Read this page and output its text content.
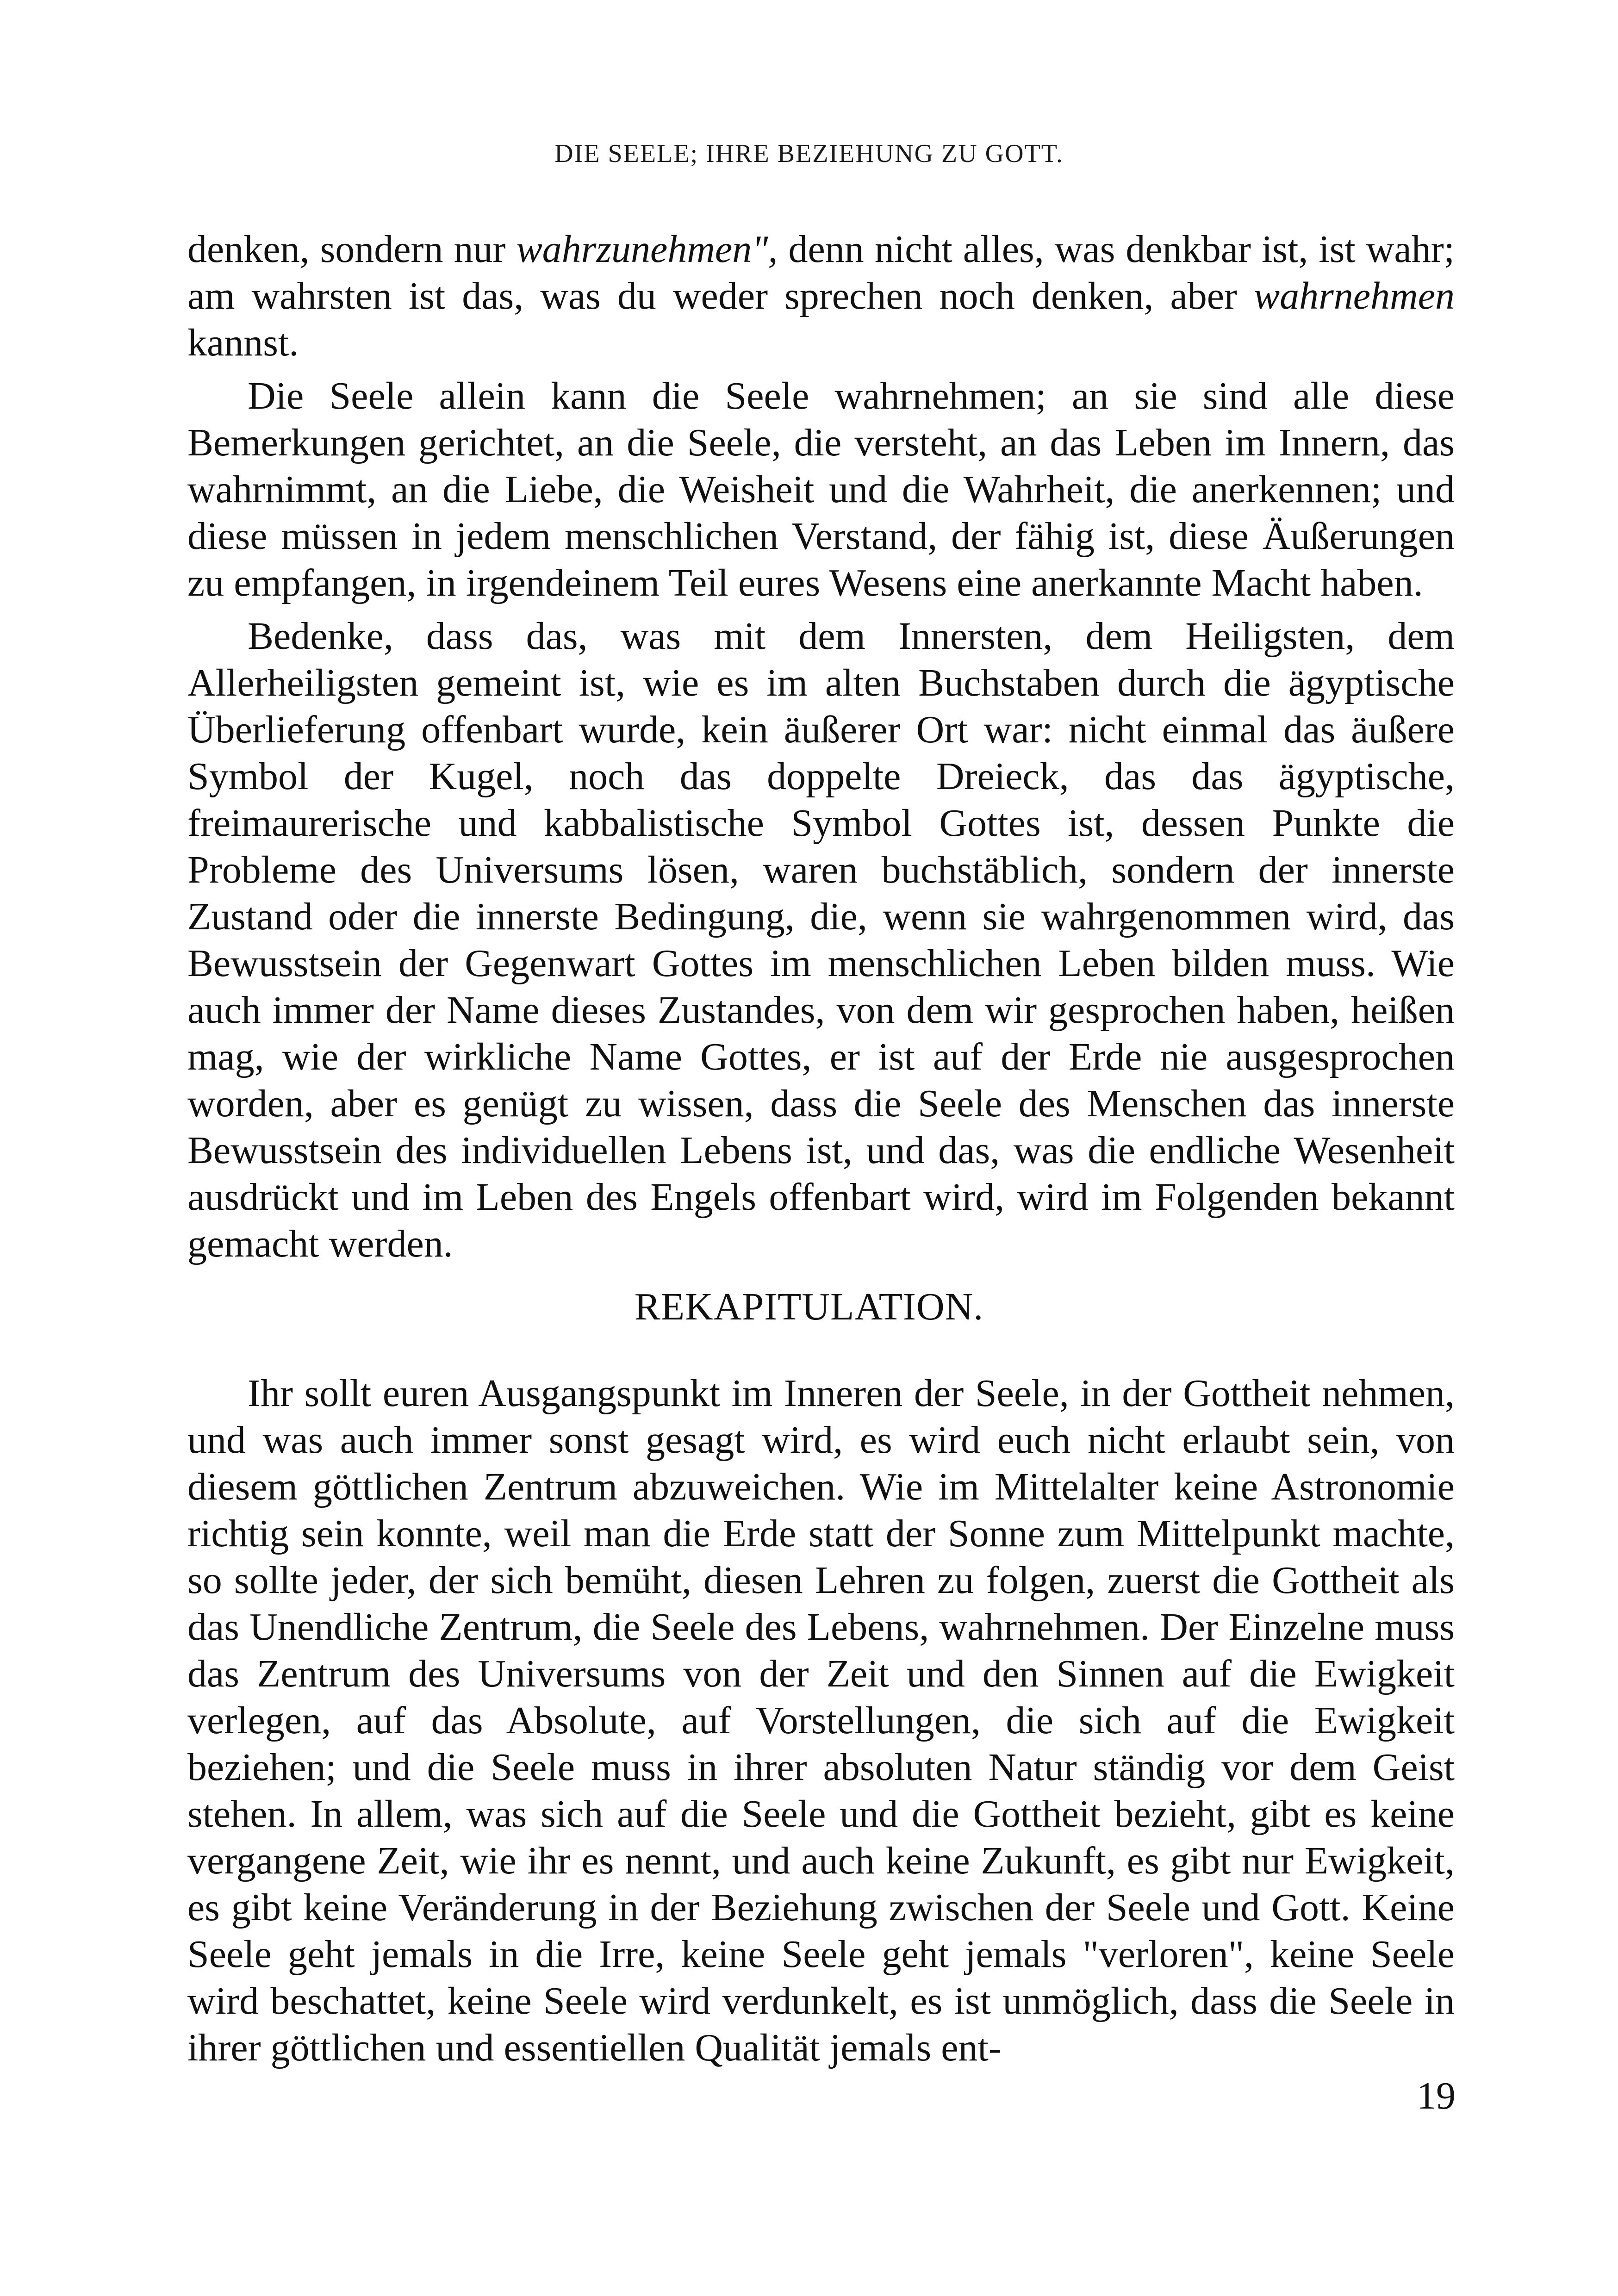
DIE SEELE; IHRE BEZIEHUNG ZU GOTT.

denken, sondern nur wahrzunehmen", denn nicht alles, was denkbar ist, ist wahr; am wahrsten ist das, was du weder sprechen noch denken, aber wahrnehmen kannst.

Die Seele allein kann die Seele wahrnehmen; an sie sind alle diese Bemerkungen gerichtet, an die Seele, die versteht, an das Leben im Innern, das wahrnimmt, an die Liebe, die Weisheit und die Wahrheit, die anerkennen; und diese müssen in jedem menschlichen Verstand, der fähig ist, diese Äußerungen zu empfangen, in irgendeinem Teil eures Wesens eine anerkannte Macht haben.

Bedenke, dass das, was mit dem Innersten, dem Heiligsten, dem Allerheiligsten gemeint ist, wie es im alten Buchstaben durch die ägyptische Überlieferung offenbart wurde, kein äußerer Ort war: nicht einmal das äußere Symbol der Kugel, noch das doppelte Dreieck, das das ägyptische, freimaurerische und kabbalistische Symbol Gottes ist, dessen Punkte die Probleme des Universums lösen, waren buchstäblich, sondern der innerste Zustand oder die innerste Bedingung, die, wenn sie wahrgenommen wird, das Bewusstsein der Gegenwart Gottes im menschlichen Leben bilden muss. Wie auch immer der Name dieses Zustandes, von dem wir gesprochen haben, heißen mag, wie der wirkliche Name Gottes, er ist auf der Erde nie ausgesprochen worden, aber es genügt zu wissen, dass die Seele des Menschen das innerste Bewusstsein des individuellen Lebens ist, und das, was die endliche Wesenheit ausdrückt und im Leben des Engels offenbart wird, wird im Folgenden bekannt gemacht werden.

REKAPITULATION.

Ihr sollt euren Ausgangspunkt im Inneren der Seele, in der Gottheit nehmen, und was auch immer sonst gesagt wird, es wird euch nicht erlaubt sein, von diesem göttlichen Zentrum abzuweichen. Wie im Mittelalter keine Astronomie richtig sein konnte, weil man die Erde statt der Sonne zum Mittelpunkt machte, so sollte jeder, der sich bemüht, diesen Lehren zu folgen, zuerst die Gottheit als das Unendliche Zentrum, die Seele des Lebens, wahrnehmen. Der Einzelne muss das Zentrum des Universums von der Zeit und den Sinnen auf die Ewigkeit verlegen, auf das Absolute, auf Vorstellungen, die sich auf die Ewigkeit beziehen; und die Seele muss in ihrer absoluten Natur ständig vor dem Geist stehen. In allem, was sich auf die Seele und die Gottheit bezieht, gibt es keine vergangene Zeit, wie ihr es nennt, und auch keine Zukunft, es gibt nur Ewigkeit, es gibt keine Veränderung in der Beziehung zwischen der Seele und Gott. Keine Seele geht jemals in die Irre, keine Seele geht jemals "verloren", keine Seele wird beschattet, keine Seele wird verdunkelt, es ist unmöglich, dass die Seele in ihrer göttlichen und essentiellen Qualität jemals ent-

19
